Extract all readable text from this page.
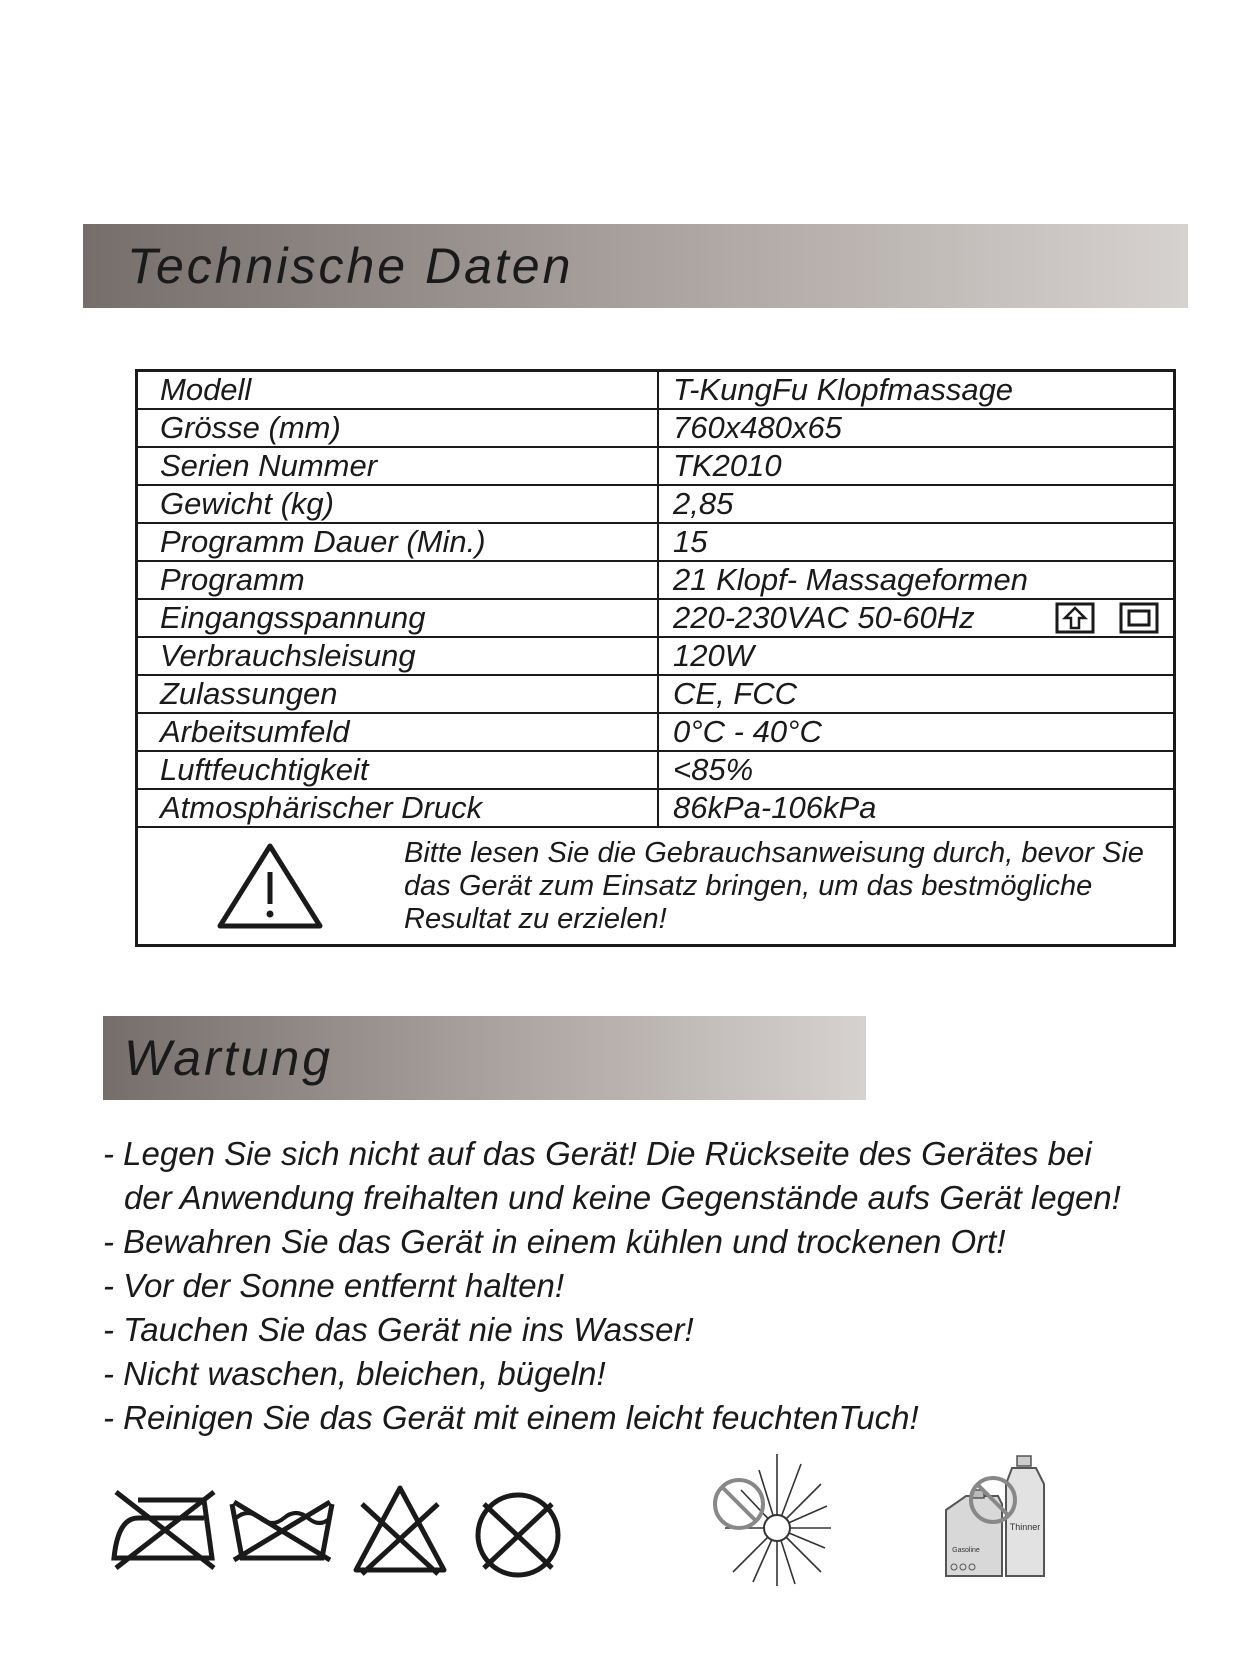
Technische Daten
Modell	T-KungFu Klopfmassage
Grösse (mm)	760x480x65
Serien Nummer	TK2010
Gewicht (kg)	2,85
Programm Dauer (Min.)	15
Programm	21 Klopf- Massageformen
Eingangsspannung	220-230VAC 50-60Hz

Verbrauchsleisung	120W
Zulassungen	CE, FCC
Arbeitsumfeld	0°C - 40°C
Luftfeuchtigkeit	<85%
Atmosphärischer Druck	86kPa-106kPa

Bitte lesen Sie die Gebrauchsanweisung durch, bevor Sie
das Gerät zum Einsatz bringen, um das bestmögliche
Resultat zu erzielen!	
Wartung
- Legen Sie sich nicht auf das Gerät! Die Rückseite des Gerätes bei
der Anwendung freihalten und keine Gegenstände aufs Gerät legen!
- Bewahren Sie das Gerät in einem kühlen und trockenen Ort!
- Vor der Sonne entfernt halten!
- Tauchen Sie das Gerät nie ins Wasser!
- Nicht waschen, bleichen, bügeln!
- Reinigen Sie das Gerät mit einem leicht feuchtenTuch!
Thinner
Gasoline
